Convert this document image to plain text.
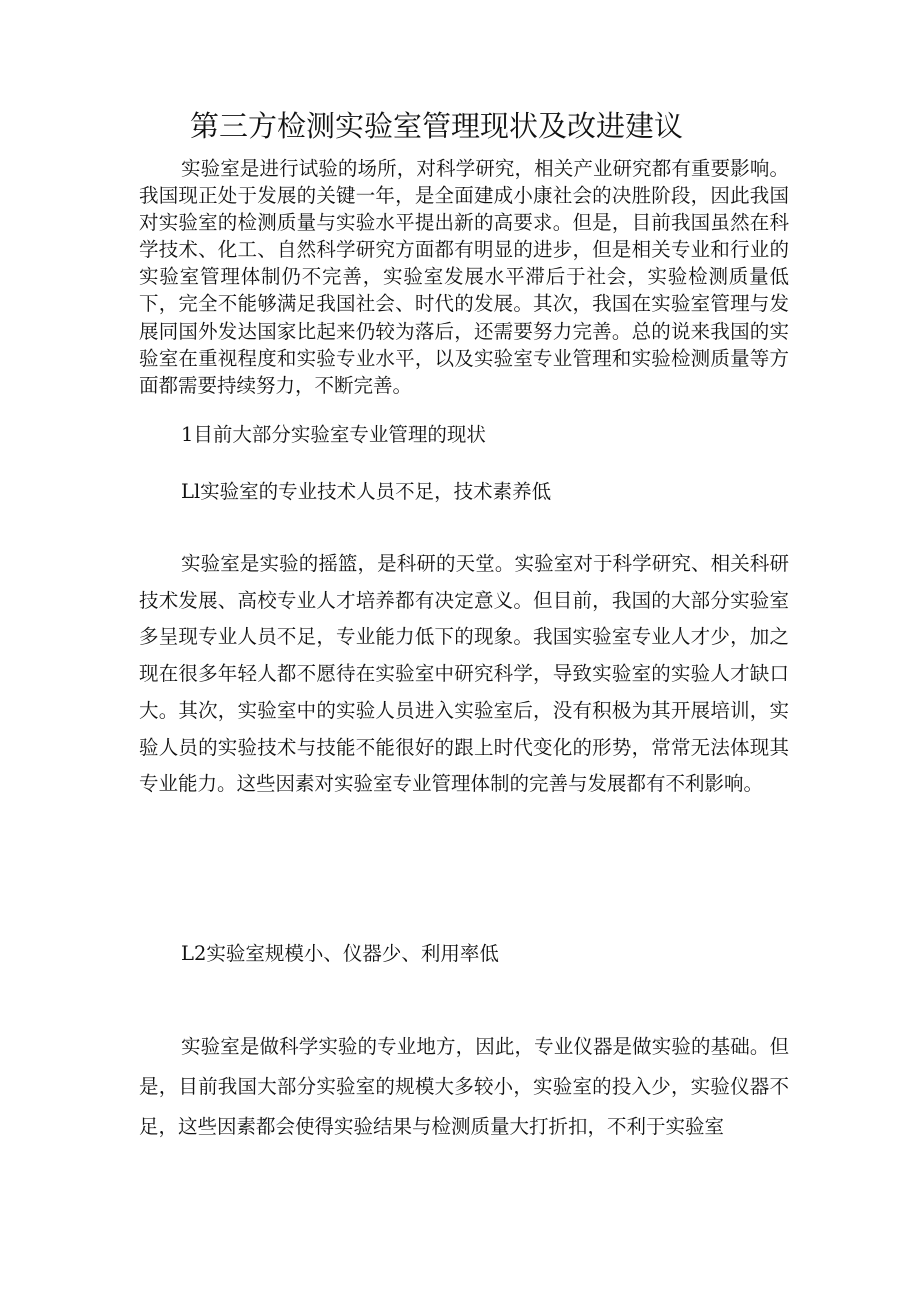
第三方检测实验室管理现状及改进建议

实验室是进行试验的场所，对科学研究，相关产业研究都有重要影响。我国现正处于发展的关键一年，是全面建成小康社会的决胜阶段，因此我国对实验室的检测质量与实验水平提出新的高要求。但是，目前我国虽然在科学技术、化工、自然科学研究方面都有明显的进步，但是相关专业和行业的实验室管理体制仍不完善，实验室发展水平滞后于社会，实验检测质量低下，完全不能够满足我国社会、时代的发展。其次，我国在实验室管理与发展同国外发达国家比起来仍较为落后，还需要努力完善。总的说来我国的实验室在重视程度和实验专业水平，以及实验室专业管理和实验检测质量等方面都需要持续努力，不断完善。

1目前大部分实验室专业管理的现状
Ll实验室的专业技术人员不足，技术素养低

实验室是实验的摇篮，是科研的天堂。实验室对于科学研究、相关科研技术发展、高校专业人才培养都有决定意义。但目前，我国的大部分实验室多呈现专业人员不足，专业能力低下的现象。我国实验室专业人才少，加之现在很多年轻人都不愿待在实验室中研究科学，导致实验室的实验人才缺口大。其次，实验室中的实验人员进入实验室后，没有积极为其开展培训，实验人员的实验技术与技能不能很好的跟上时代变化的形势，常常无法体现其专业能力。这些因素对实验室专业管理体制的完善与发展都有不利影响。

L2实验室规模小、仪器少、利用率低

实验室是做科学实验的专业地方，因此，专业仪器是做实验的基础。但是，目前我国大部分实验室的规模大多较小，实验室的投入少，实验仪器不足，这些因素都会使得实验结果与检测质量大打折扣，不利于实验室
